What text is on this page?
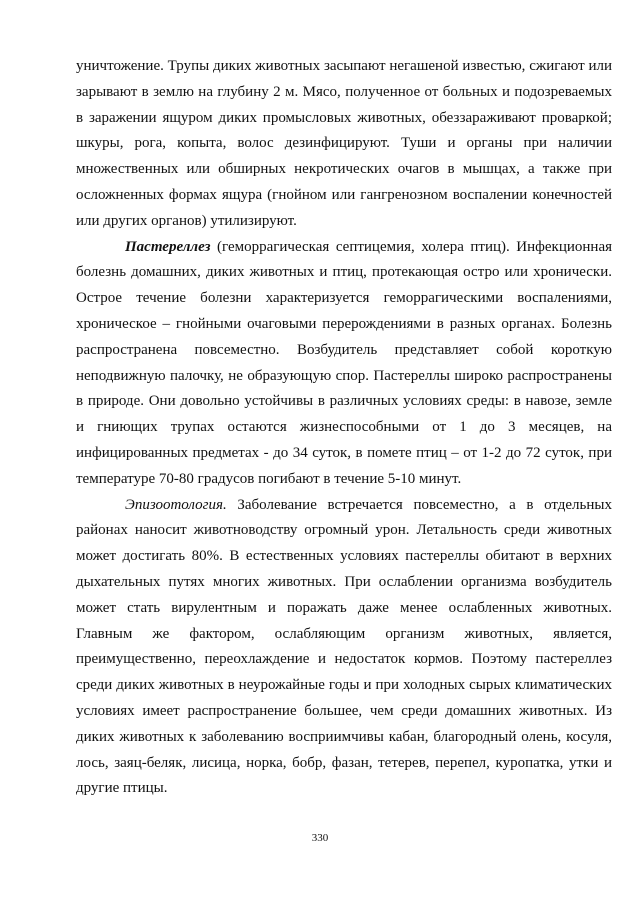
уничтожение. Трупы диких животных засыпают негашеной известью, сжигают или зарывают в землю на глубину 2 м. Мясо, полученное от больных и подозреваемых в заражении ящуром диких промысловых животных, обеззараживают проваркой; шкуры, рога, копыта, волос дезинфицируют. Туши и органы при наличии множественных или обширных некротических очагов в мышцах, а также при осложненных формах ящура (гнойном или гангренозном воспалении конечностей или других органов) утилизируют.

Пастереллез (геморрагическая септицемия, холера птиц). Инфекционная болезнь домашних, диких животных и птиц, протекающая остро или хронически. Острое течение болезни характеризуется геморрагическими воспалениями, хроническое – гнойными очаговыми перерождениями в разных органах. Болезнь распространена повсеместно. Возбудитель представляет собой короткую неподвижную палочку, не образующую спор. Пастереллы широко распространены в природе. Они довольно устойчивы в различных условиях среды: в навозе, земле и гниющих трупах остаются жизнеспособными от 1 до 3 месяцев, на инфицированных предметах - до 34 суток, в помете птиц – от 1-2 до 72 суток, при температуре 70-80 градусов погибают в течение 5-10 минут.

Эпизоотология. Заболевание встречается повсеместно, а в отдельных районах наносит животноводству огромный урон. Летальность среди животных может достигать 80%. В естественных условиях пастереллы обитают в верхних дыхательных путях многих животных. При ослаблении организма возбудитель может стать вирулентным и поражать даже менее ослабленных животных. Главным же фактором, ослабляющим организм животных, является, преимущественно, переохлаждение и недостаток кормов. Поэтому пастереллез среди диких животных в неурожайные годы и при холодных сырых климатических условиях имеет распространение большее, чем среди домашних животных. Из диких животных к заболеванию восприимчивы кабан, благородный олень, косуля, лось, заяц-беляк, лисица, норка, бобр, фазан, тетерев, перепел, куропатка, утки и другие птицы.

330
